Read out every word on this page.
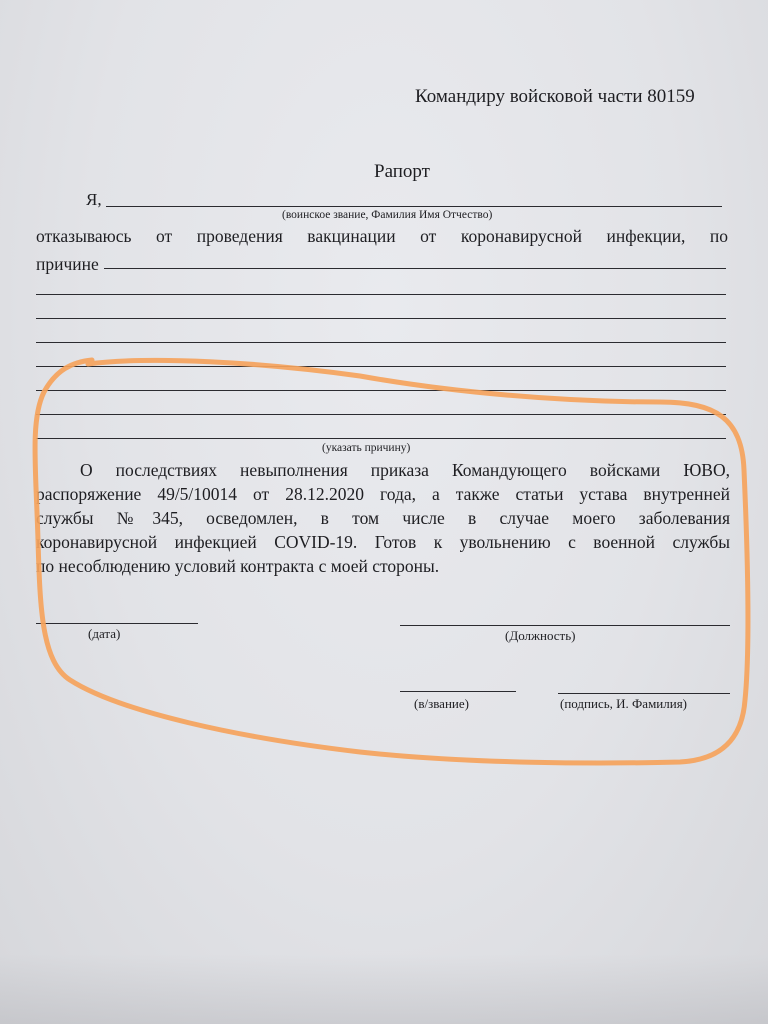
Командиру войсковой части 80159
Рапорт
Я,
(воинское звание, Фамилия Имя Отчество)
отказываюсь от проведения вакцинации от коронавирусной инфекции, по
причине
(указать причину)
О последствиях невыполнения приказа Командующего войсками ЮВО,
распоряжение 49/5/10014 от 28.12.2020 года, а также статьи устава внутренней
службы №345, осведомлен, в том числе в случае моего заболевания
коронавирусной инфекцией COVID-19. Готов к увольнению с военной службы
по несоблюдению условий контракта с моей стороны.
(дата)	(Должность)
(в/звание)	(подпись, И. Фамилия)
